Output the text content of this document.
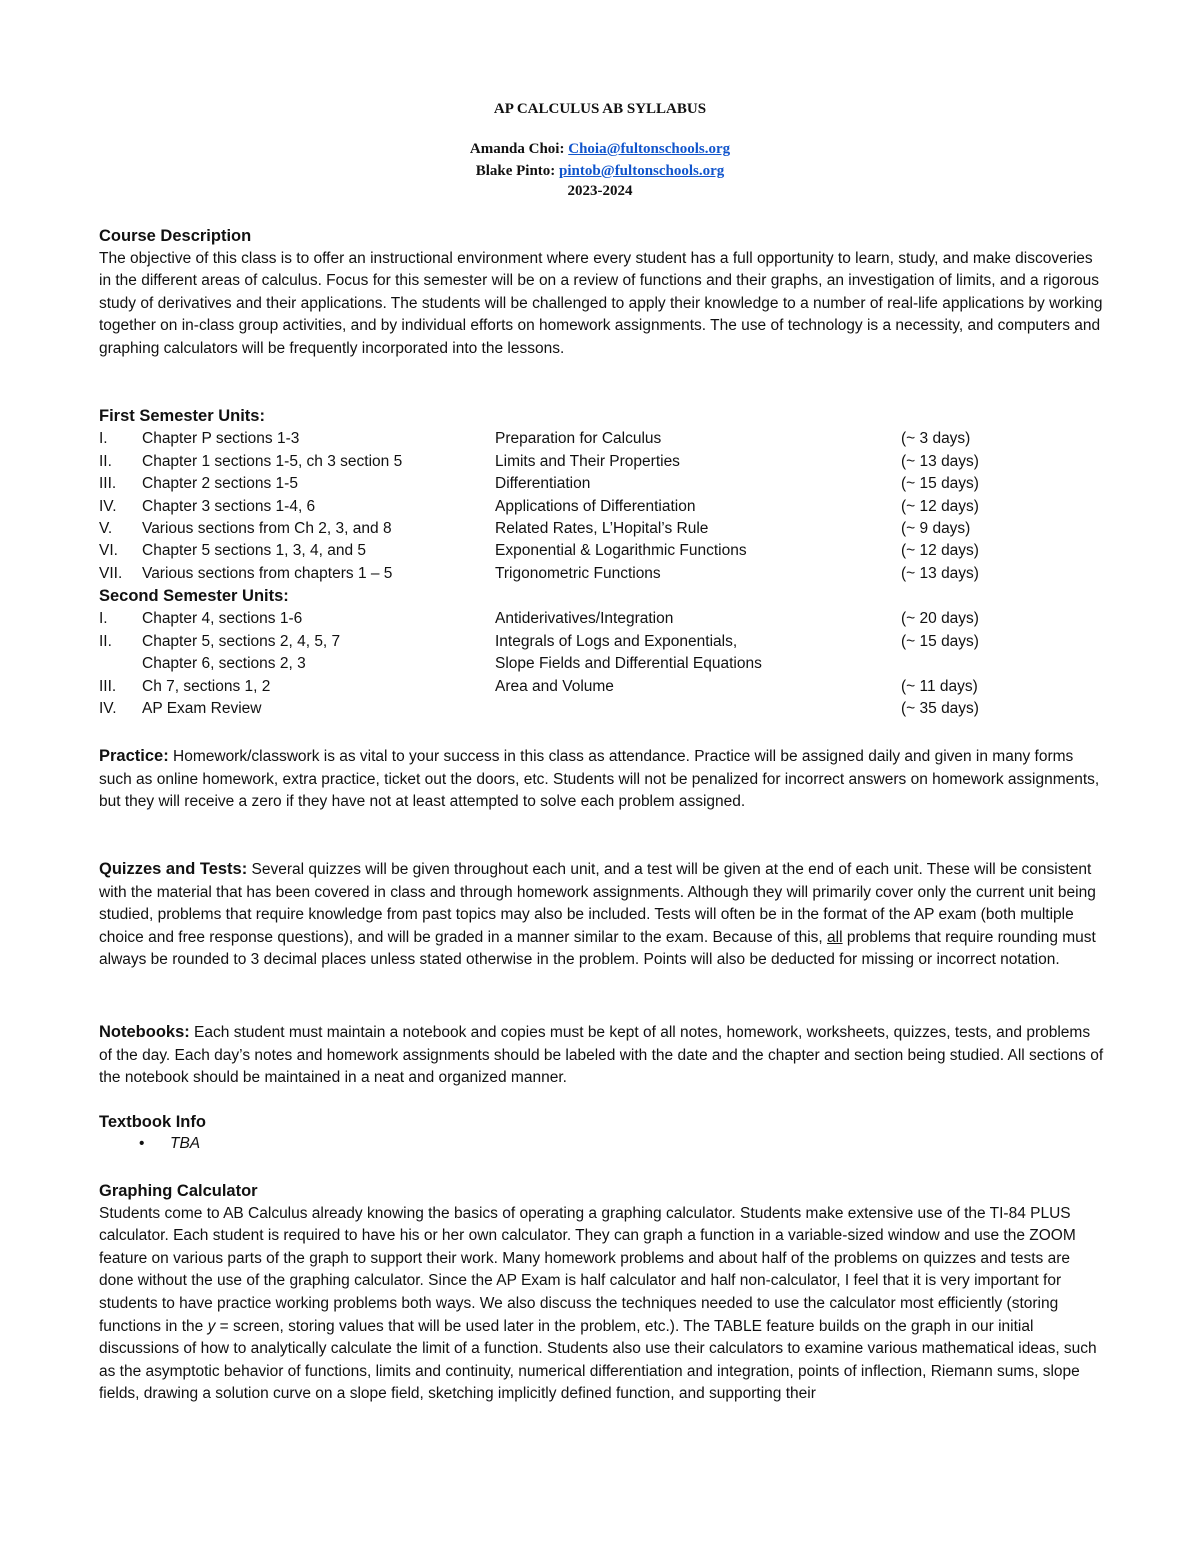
AP CALCULUS AB SYLLABUS
Amanda Choi: Choia@fultonschools.org
Blake Pinto: pintob@fultonschools.org
2023-2024
Course Description
The objective of this class is to offer an instructional environment where every student has a full opportunity to learn, study, and make discoveries in the different areas of calculus. Focus for this semester will be on a review of functions and their graphs, an investigation of limits, and a rigorous study of derivatives and their applications. The students will be challenged to apply their knowledge to a number of real-life applications by working together on in-class group activities, and by individual efforts on homework assignments. The use of technology is a necessity, and computers and graphing calculators will be frequently incorporated into the lessons.
First Semester Units:
I. Chapter P sections 1-3	Preparation for Calculus	(~ 3 days)
II. Chapter 1 sections 1-5, ch 3 section 5	Limits and Their Properties	(~ 13 days)
III. Chapter 2 sections 1-5	Differentiation	(~ 15 days)
IV. Chapter 3 sections 1-4, 6	Applications of Differentiation	(~ 12 days)
V. Various sections from Ch 2, 3, and 8	Related Rates, L’Hopital’s Rule	(~ 9 days)
VI. Chapter 5 sections 1, 3, 4, and 5	Exponential & Logarithmic Functions	(~ 12 days)
VII. Various sections from chapters 1 – 5	Trigonometric Functions	(~ 13 days)
Second Semester Units:
I. Chapter 4, sections 1-6	Antiderivatives/Integration	(~ 20 days)
II. Chapter 5, sections 2, 4, 5, 7	Integrals of Logs and Exponentials,	(~ 15 days)
Chapter 6, sections 2, 3	Slope Fields and Differential Equations
III. Ch 7, sections 1, 2	Area and Volume	(~ 11 days)
IV. AP Exam Review	(~ 35 days)
Practice: Homework/classwork is as vital to your success in this class as attendance. Practice will be assigned daily and given in many forms such as online homework, extra practice, ticket out the doors, etc. Students will not be penalized for incorrect answers on homework assignments, but they will receive a zero if they have not at least attempted to solve each problem assigned.
Quizzes and Tests: Several quizzes will be given throughout each unit, and a test will be given at the end of each unit. These will be consistent with the material that has been covered in class and through homework assignments. Although they will primarily cover only the current unit being studied, problems that require knowledge from past topics may also be included. Tests will often be in the format of the AP exam (both multiple choice and free response questions), and will be graded in a manner similar to the exam. Because of this, all problems that require rounding must always be rounded to 3 decimal places unless stated otherwise in the problem. Points will also be deducted for missing or incorrect notation.
Notebooks: Each student must maintain a notebook and copies must be kept of all notes, homework, worksheets, quizzes, tests, and problems of the day. Each day’s notes and homework assignments should be labeled with the date and the chapter and section being studied. All sections of the notebook should be maintained in a neat and organized manner.
Textbook Info
• TBA
Graphing Calculator
Students come to AB Calculus already knowing the basics of operating a graphing calculator. Students make extensive use of the TI-84 PLUS calculator. Each student is required to have his or her own calculator. They can graph a function in a variable-sized window and use the ZOOM feature on various parts of the graph to support their work. Many homework problems and about half of the problems on quizzes and tests are done without the use of the graphing calculator. Since the AP Exam is half calculator and half non-calculator, I feel that it is very important for students to have practice working problems both ways. We also discuss the techniques needed to use the calculator most efficiently (storing functions in the y = screen, storing values that will be used later in the problem, etc.). The TABLE feature builds on the graph in our initial discussions of how to analytically calculate the limit of a function. Students also use their calculators to examine various mathematical ideas, such as the asymptotic behavior of functions, limits and continuity, numerical differentiation and integration, points of inflection, Riemann sums, slope fields, drawing a solution curve on a slope field, sketching implicitly defined function, and supporting their
